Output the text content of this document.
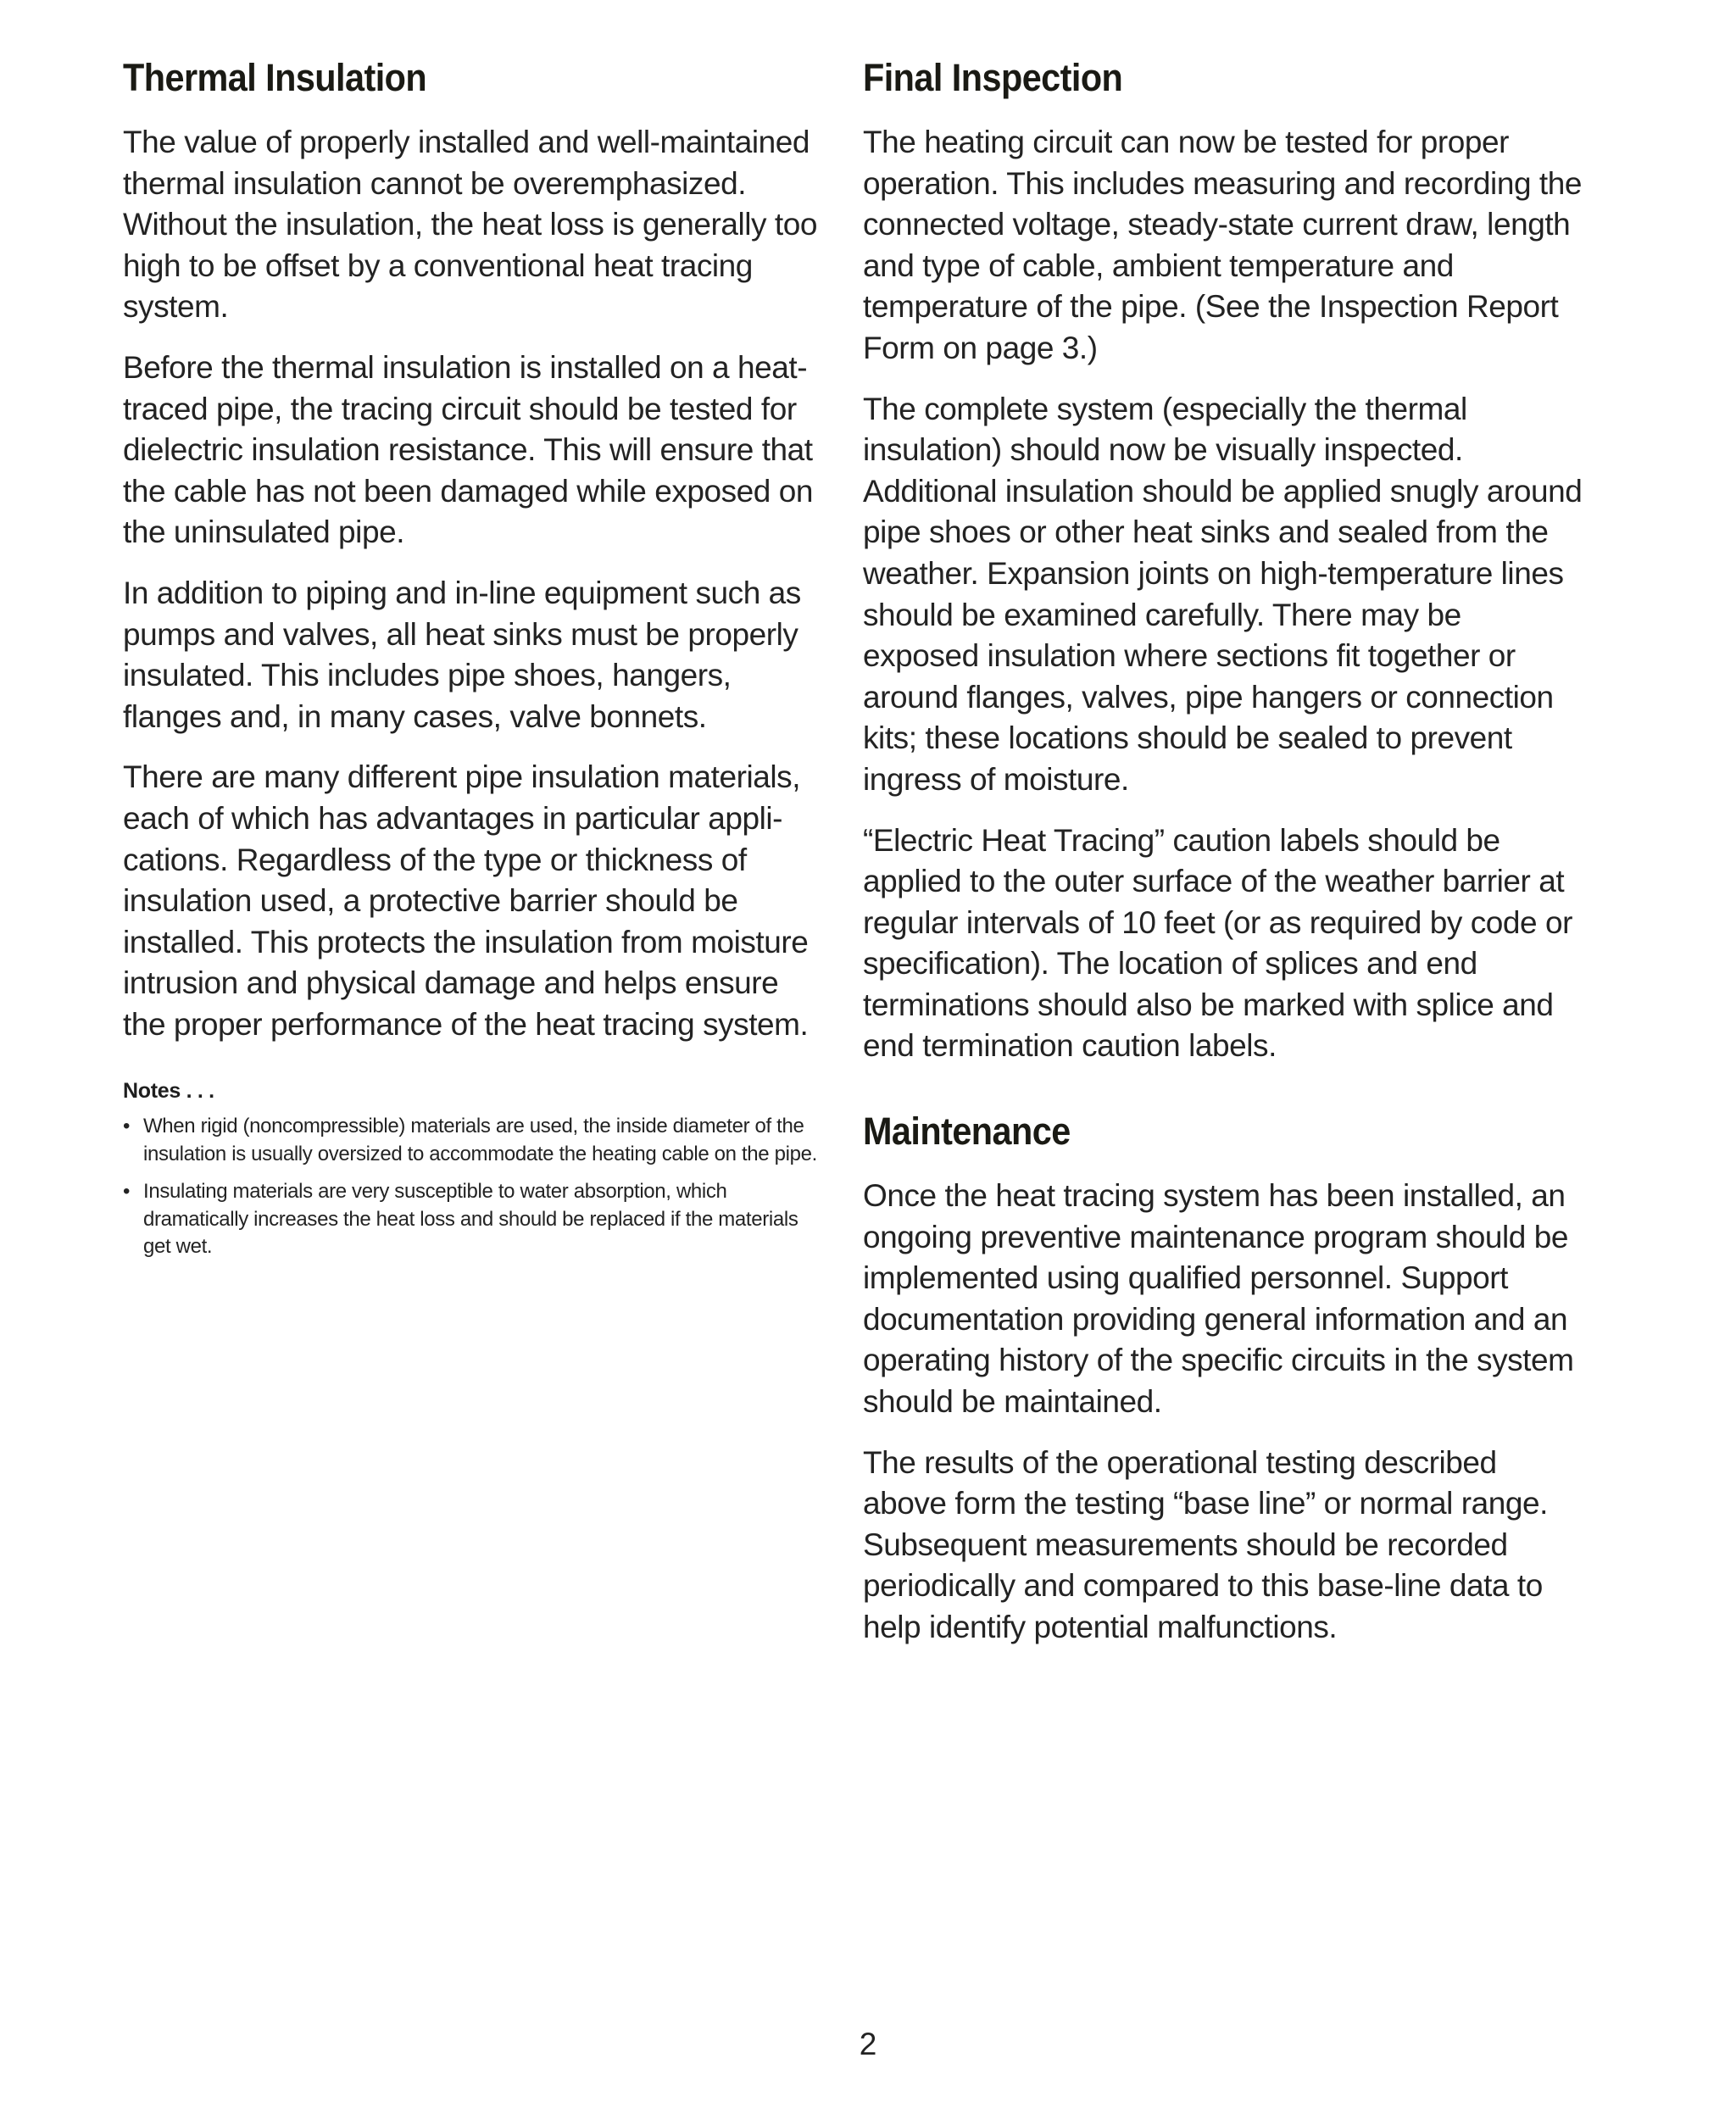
Thermal Insulation

The value of properly installed and well-maintained thermal insulation cannot be overemphasized. Without the insulation, the heat loss is generally too high to be offset by a conventional heat tracing system.

Before the thermal insulation is installed on a heat-traced pipe, the tracing circuit should be tested for dielectric insulation resistance. This will ensure that the cable has not been damaged while exposed on the uninsulated pipe.

In addition to piping and in-line equipment such as pumps and valves, all heat sinks must be properly insulated. This includes pipe shoes, hangers, flanges and, in many cases, valve bonnets.

There are many different pipe insulation materials, each of which has advantages in particular applications. Regardless of the type or thickness of insulation used, a protective barrier should be installed. This protects the insulation from moisture intrusion and physical damage and helps ensure the proper performance of the heat tracing system.

Notes . . .
• When rigid (noncompressible) materials are used, the inside diameter of the insulation is usually oversized to accommodate the heating cable on the pipe.
• Insulating materials are very susceptible to water absorption, which dramatically increases the heat loss and should be replaced if the materials get wet.
Final Inspection

The heating circuit can now be tested for proper operation. This includes measuring and recording the connected voltage, steady-state current draw, length and type of cable, ambient temperature and temperature of the pipe. (See the Inspection Report Form on page 3.)

The complete system (especially the thermal insulation) should now be visually inspected. Additional insulation should be applied snugly around pipe shoes or other heat sinks and sealed from the weather. Expansion joints on high-temperature lines should be examined carefully. There may be exposed insulation where sections fit together or around flanges, valves, pipe hangers or connection kits; these locations should be sealed to prevent ingress of moisture.

“Electric Heat Tracing” caution labels should be applied to the outer surface of the weather barrier at regular intervals of 10 feet (or as required by code or specification). The location of splices and end terminations should also be marked with splice and end termination caution labels.

Maintenance

Once the heat tracing system has been installed, an ongoing preventive maintenance program should be implemented using qualified personnel. Support documentation providing general information and an operating history of the specific circuits in the system should be maintained.

The results of the operational testing described above form the testing “base line” or normal range. Subsequent measurements should be recorded periodically and compared to this base-line data to help identify potential malfunctions.

2
